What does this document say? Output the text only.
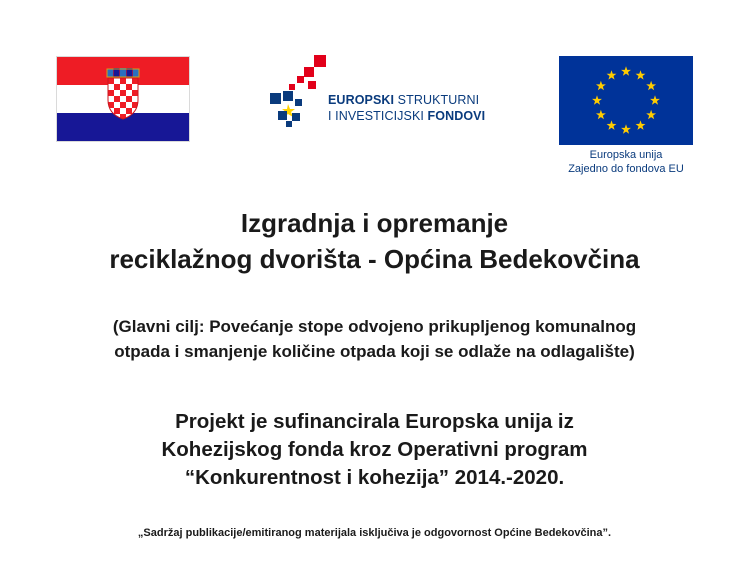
EUROPSKI STRUKTURNI
I INVESTICIJSKI FONDOVI
Europska unija
Zajedno do fondova EU
Izgradnja i opremanje
reciklažnog dvorišta - Općina Bedekovčina
(Glavni cilj: Povećanje stope odvojeno prikupljenog komunalnog
otpada i smanjenje količine otpada koji se odlaže na odlagalište)
Projekt je sufinancirala Europska unija iz
Kohezijskog fonda kroz Operativni program
“Konkurentnost i kohezija” 2014.-2020.
„Sadržaj publikacije/emitiranog materijala isključiva je odgovornost Općine Bedekovčina”.
